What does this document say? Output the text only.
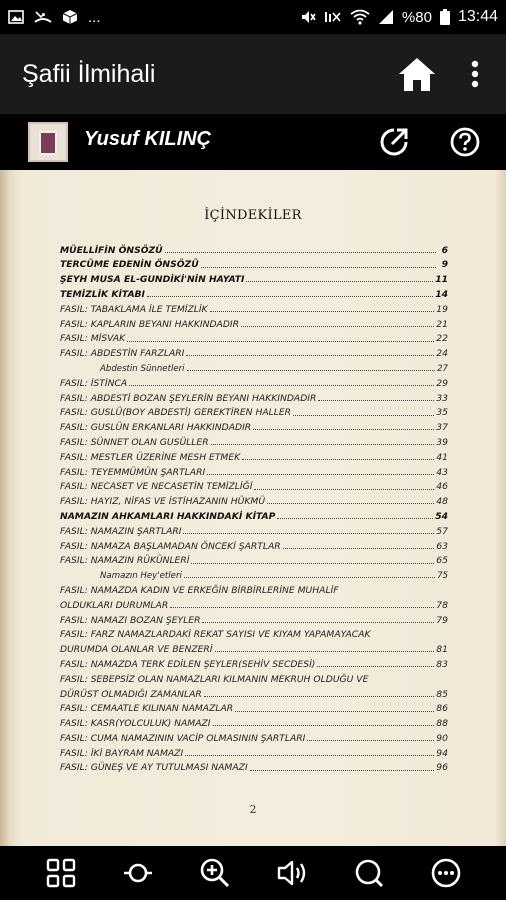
...	%80 13:44
Şafii İlmihali
Yusuf KILINÇ
İÇİNDEKİLER
MÜELLİFİN ÖNSÖZÜ	6
TERCÜME EDENİN ÖNSÖZÜ	9
ŞEYH MUSA EL-GUNDİKİ'NİN HAYATI	11
TEMİZLİK KİTABI	14
FASIL: TABAKLAMA İLE TEMİZLİK	19
FASIL: KAPLARIN BEYANI HAKKINDADIR	21
FASIL: MİSVAK	22
FASIL: ABDESTİN FARZLARI	24
Abdestin Sünnetleri	27
FASIL: İSTİNCA	29
FASIL: ABDESTİ BOZAN ŞEYLERİN BEYANI HAKKINDADIR	33
FASIL: GUSLÜ(BOY ABDESTİ) GEREKTİREN HALLER	35
FASIL: GUSLÜN ERKANLARI HAKKINDADIR	37
FASIL: SÜNNET OLAN GUSÜLLER	39
FASIL: MESTLER ÜZERİNE MESH ETMEK	41
FASIL: TEYEMMÜMÜN ŞARTLARI	43
FASIL: NECASET VE NECASETİN TEMİZLİĞİ	46
FASIL: HAYIZ, NİFAS VE İSTİHAZANIN HÜKMÜ	48
NAMAZIN AHKAMLARI HAKKINDAKİ KİTAP	54
FASIL: NAMAZIN ŞARTLARI	57
FASIL: NAMAZA BAŞLAMADAN ÖNCEKİ ŞARTLAR	63
FASIL: NAMAZIN RÜKÜNLERİ	65
Namazın Hey'etleri	75
FASIL: NAMAZDA KADIN VE ERKEĞİN BİRBİRLERİNE MUHALİF
OLDUKLARI DURUMLAR	78
FASIL: NAMAZI BOZAN ŞEYLER	79
FASIL: FARZ NAMAZLARDAKİ REKAT SAYISI VE KIYAM YAPAMAYACAK
DURUMDA OLANLAR VE BENZERİ	81
FASIL: NAMAZDA TERK EDİLEN ŞEYLER(SEHİV SECDESİ)	83
FASIL: SEBEPSİZ OLAN NAMAZLARI KILMANIN MEKRUH OLDUĞU VE
DÜRÜST OLMADIĞI ZAMANLAR	85
FASIL: CEMAATLE KILINAN NAMAZLAR	86
FASIL: KASR(YOLCULUK) NAMAZI	88
FASIL: CUMA NAMAZININ VACİP OLMASININ ŞARTLARI	90
FASIL: İKİ BAYRAM NAMAZI	94
FASIL: GÜNEŞ VE AY TUTULMASI NAMAZI	96
2
